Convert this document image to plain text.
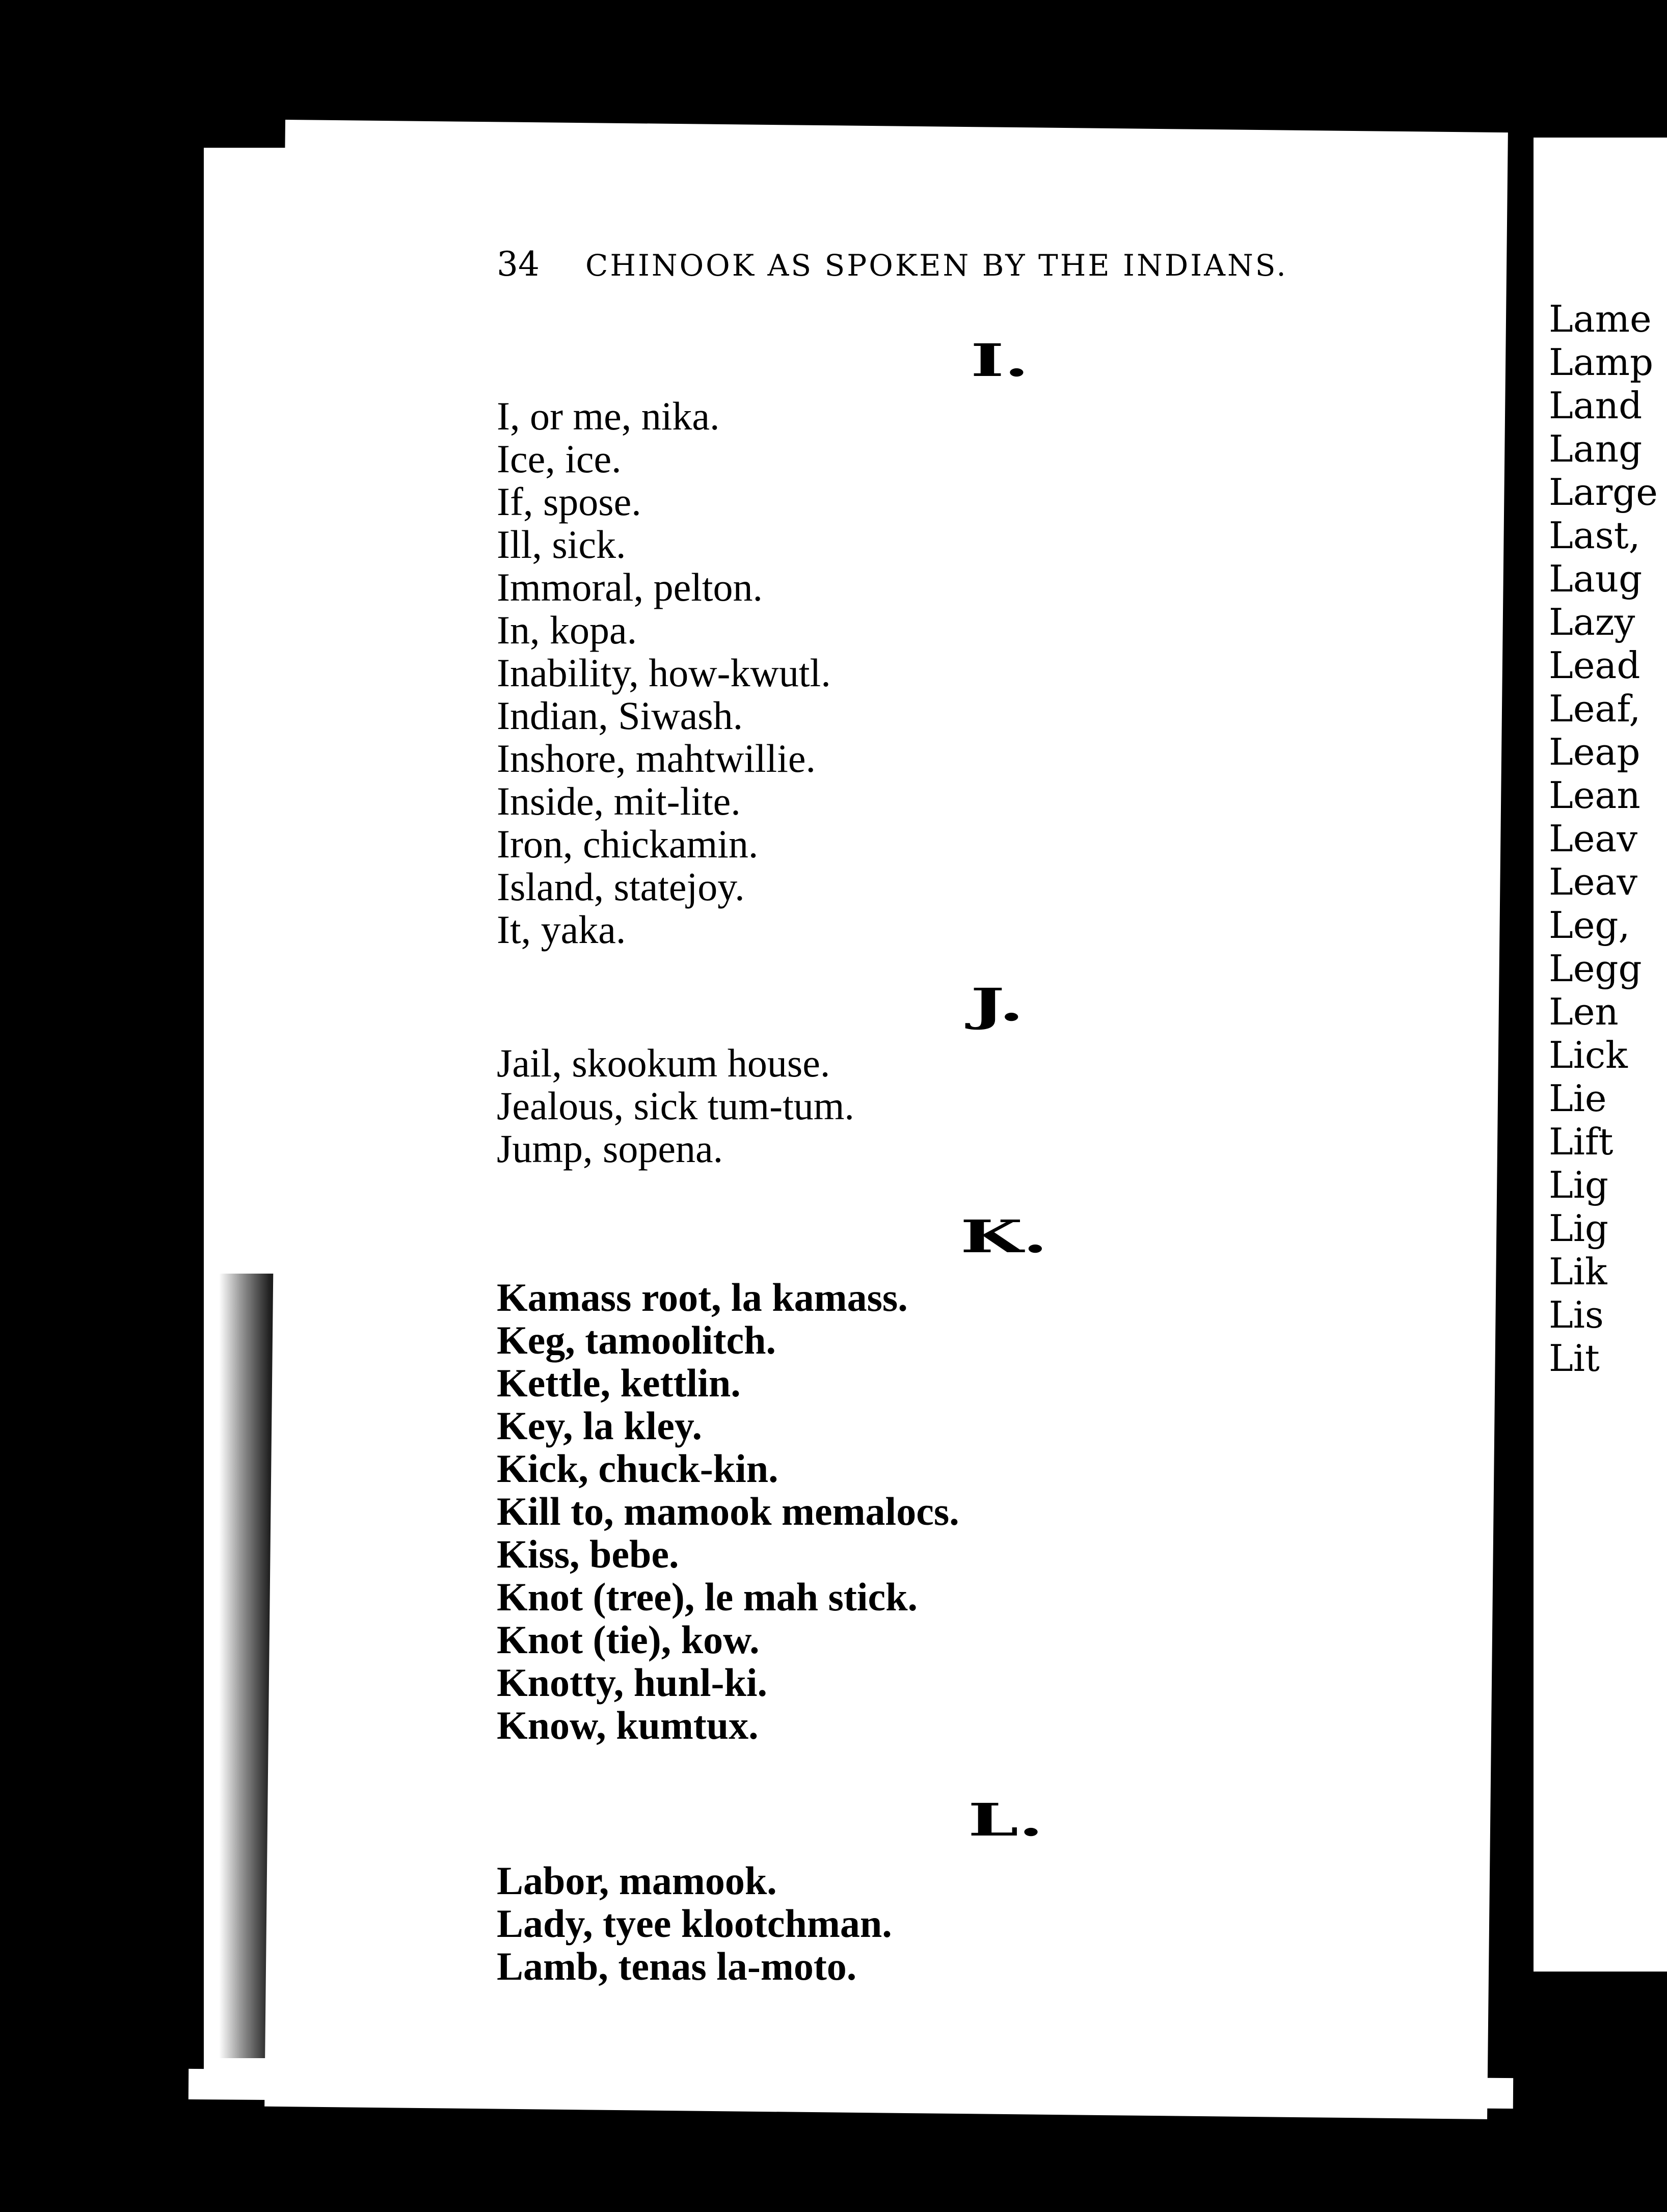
Lame
Lamp
Land
Lang
Large
Last,
Laug
Lazy
Lead
Leaf,
Leap
Lean
Leav
Leav
Leg,
Legg
Len
Lick
Lie
Lift
Lig
Lig
Lik
Lis
Lit
34 CHINOOK AS SPOKEN BY THE INDIANS.
I.
I, or me, nika.
Ice, ice.
If, spose.
Ill, sick.
Immoral, pelton.
In, kopa.
Inability, how-kwutl.
Indian, Siwash.
Inshore, mahtwillie.
Inside, mit-lite.
Iron, chickamin.
Island, statejoy.
It, yaka.
J.
Jail, skookum house.
Jealous, sick tum-tum.
Jump, sopena.
K.
Kamass root, la kamass.
Keg, tamoolitch.
Kettle, kettlin.
Key, la kley.
Kick, chuck-kin.
Kill to, mamook memalocs.
Kiss, bebe.
Knot (tree), le mah stick.
Knot (tie), kow.
Knotty, hunl-ki.
Know, kumtux.
L.
Labor, mamook.
Lady, tyee klootchman.
Lamb, tenas la-moto.
